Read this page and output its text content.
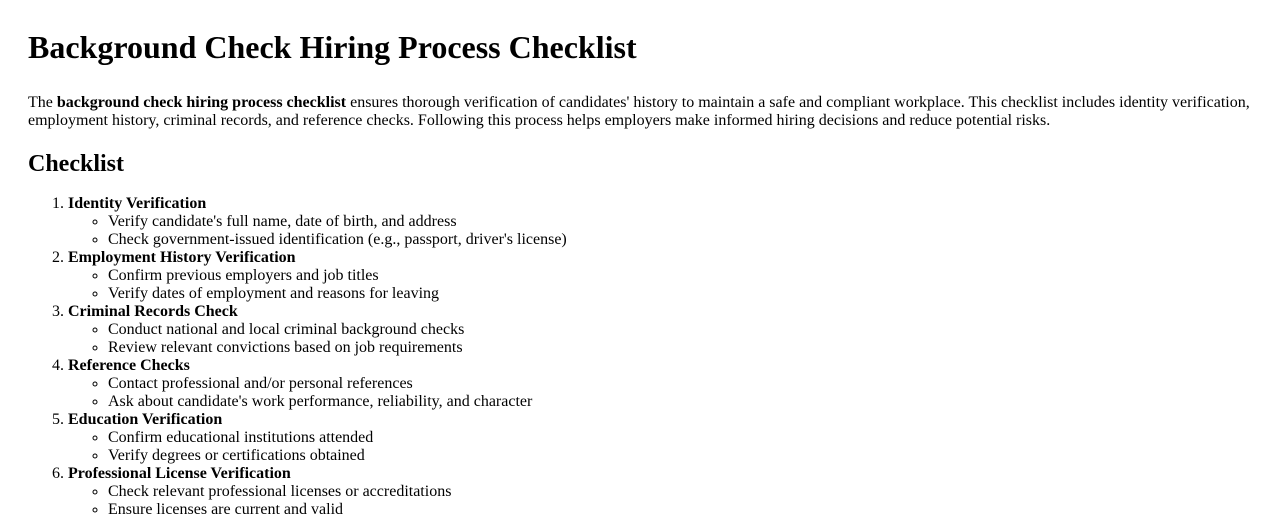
Background Check Hiring Process Checklist

The background check hiring process checklist ensures thorough verification of candidates' history to maintain a safe and compliant workplace. This checklist includes identity verification, employment history, criminal records, and reference checks. Following this process helps employers make informed hiring decisions and reduce potential risks.

Checklist
1. Identity Verification
◦ Verify candidate's full name, date of birth, and address
◦ Check government-issued identification (e.g., passport, driver's license)
2. Employment History Verification
◦ Confirm previous employers and job titles
◦ Verify dates of employment and reasons for leaving
3. Criminal Records Check
◦ Conduct national and local criminal background checks
◦ Review relevant convictions based on job requirements
4. Reference Checks
◦ Contact professional and/or personal references
◦ Ask about candidate's work performance, reliability, and character
5. Education Verification
◦ Confirm educational institutions attended
◦ Verify degrees or certifications obtained
6. Professional License Verification
◦ Check relevant professional licenses or accreditations
◦ Ensure licenses are current and valid
